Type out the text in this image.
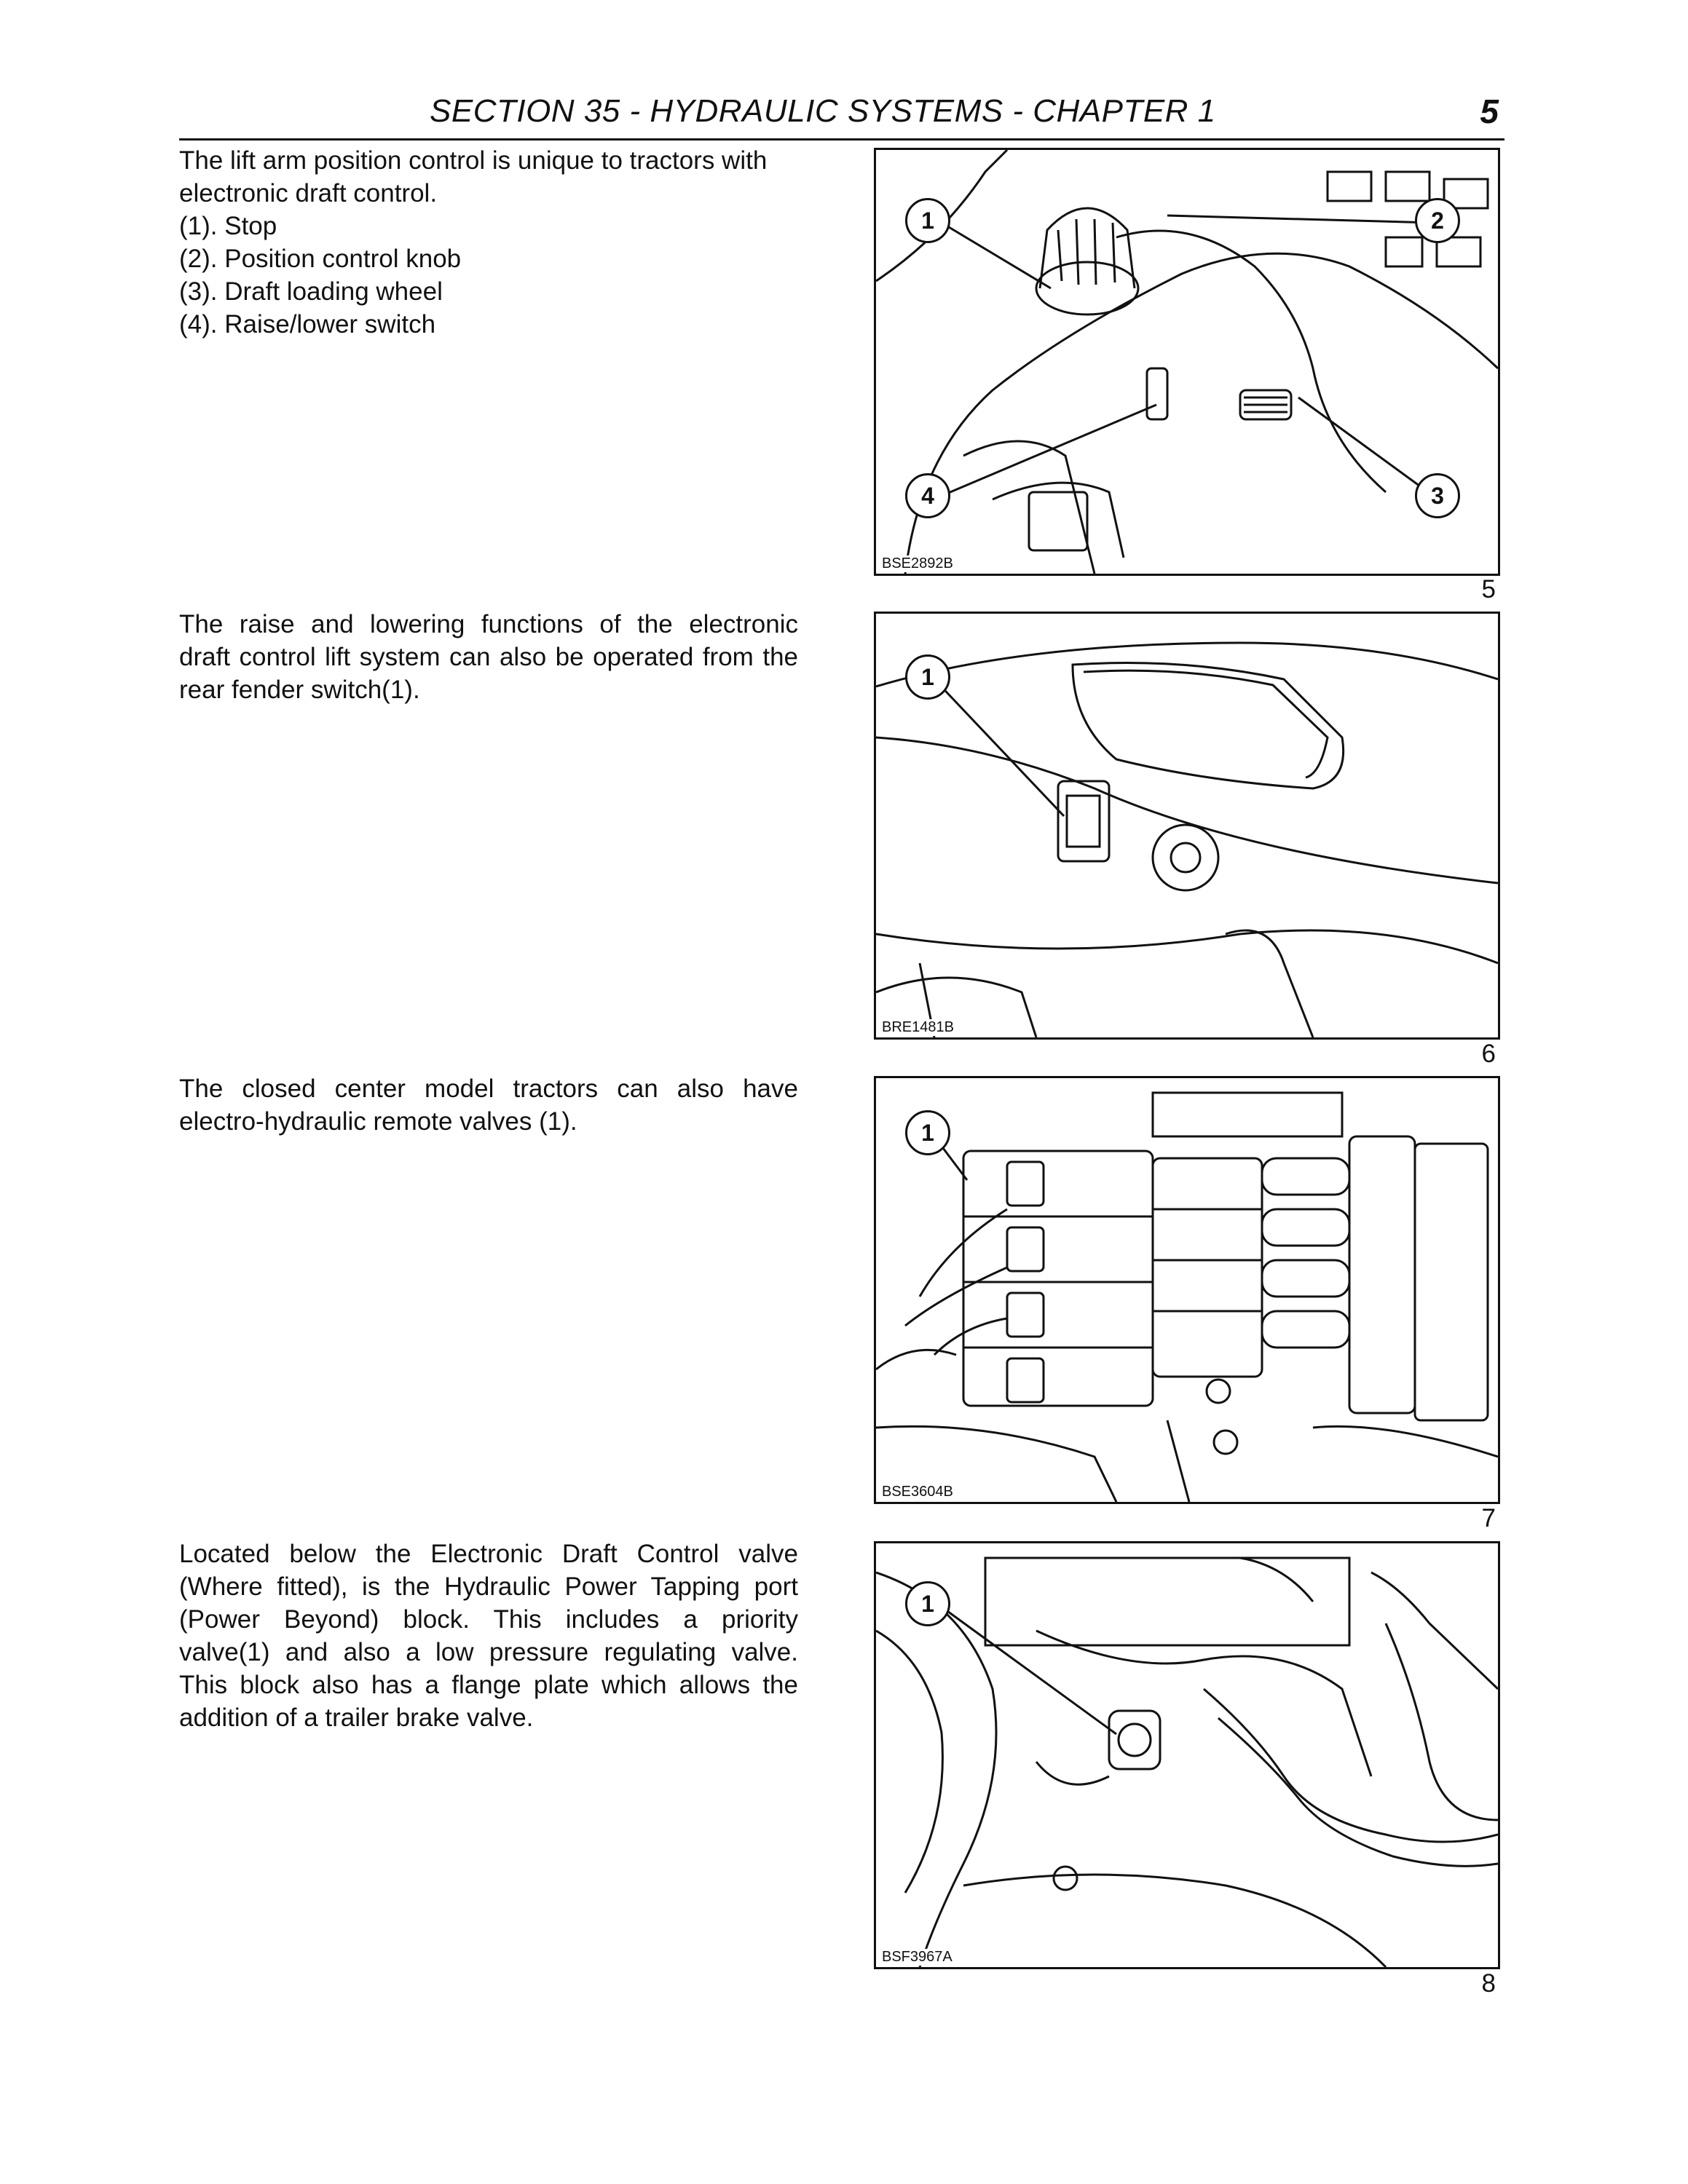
SECTION 35 - HYDRAULIC SYSTEMS - CHAPTER 1	5

The lift arm position control is unique to tractors with electronic draft control.

(1). Stop

(2). Position control knob

(3). Draft loading wheel

(4). Raise/lower switch

1	2
3
4
BSE2892B
5

The raise and lowering functions of the electronic

draft control lift system can also be operated from the

rear fender switch(1).	1
BRE1481B
6

The closed center model tractors can also have

electro-hydraulic remote valves (1).	1
BSE3604B
7

Located below the Electronic Draft Control valve

(Where fitted), is the Hydraulic Power Tapping port

(Power Beyond) block. This includes a priority

valve(1) and also a low pressure regulating valve.

This block also has a flange plate which allows the

addition of a trailer brake valve.

1
BSF3967A
8
